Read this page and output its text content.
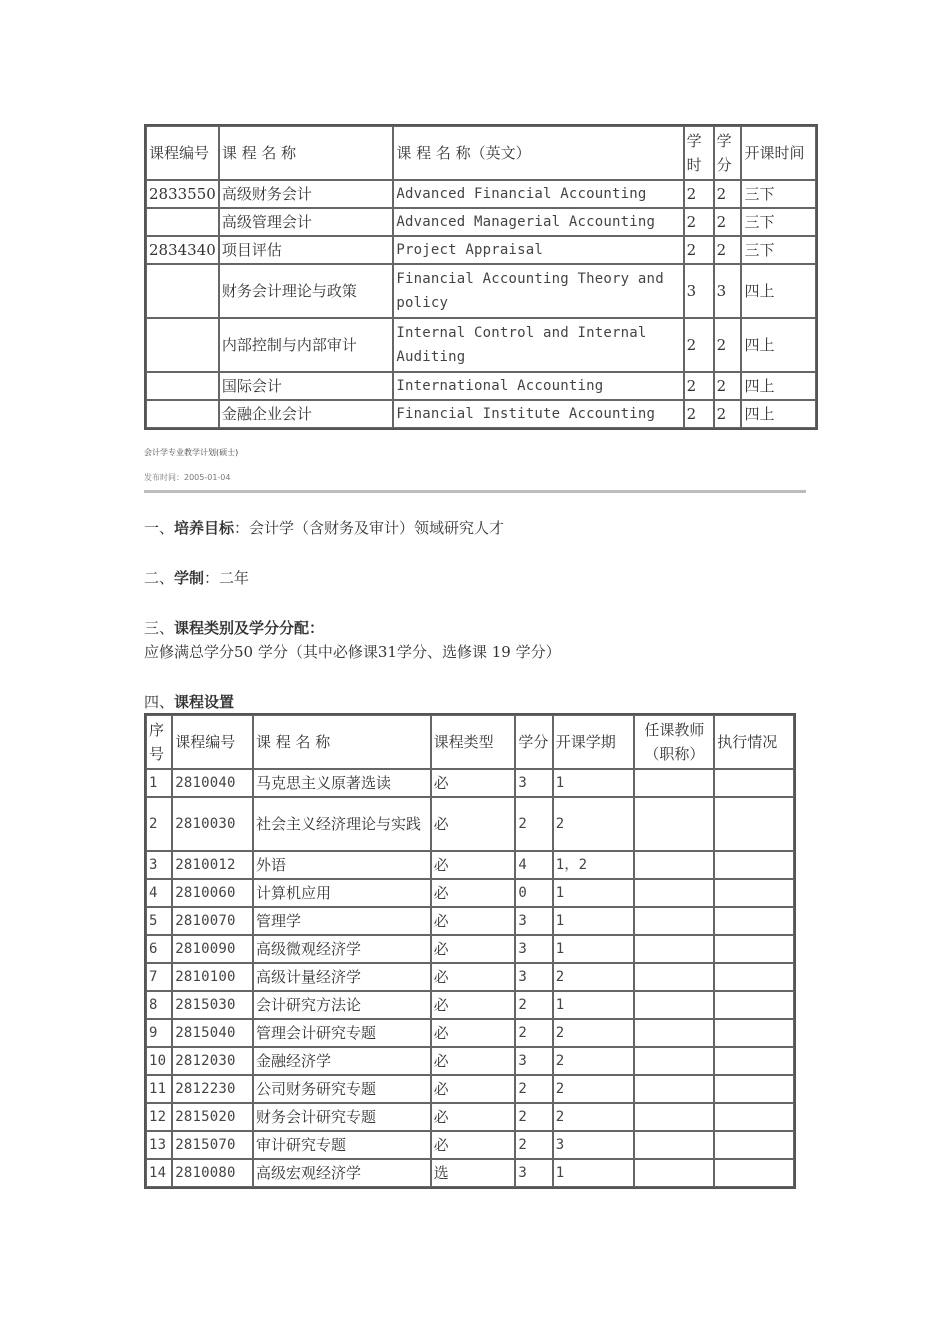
课程编号	课 程 名 称	课 程 名 称（英文）	学时	学分	开课时间
2833550	高级财务会计	Advanced Financial Accounting	2	2	三下
	高级管理会计	Advanced Managerial Accounting	2	2	三下
2834340	项目评估	Project Appraisal	2	2	三下
	财务会计理论与政策	Financial Accounting Theory and policy	3	3	四上
	内部控制与内部审计	Internal Control and Internal Auditing	2	2	四上
	国际会计	International Accounting	2	2	四上
	金融企业会计	Financial Institute Accounting	2	2	四上
会计学专业教学计划(硕士)
发布时间：2005-01-04
一、培养目标：会计学（含财务及审计）领域研究人才
二、学制：二年
三、课程类别及学分分配：
应修满总学分50 学分（其中必修课31学分、选修课 19 学分）
四、课程设置
序号	课程编号	课 程 名 称	课程类型	学分	开课学期	任课教师（职称）	执行情况
1	2810040	马克思主义原著选读	必	3	1		
2	2810030	社会主义经济理论与实践	必	2	2		
3	2810012	外语	必	4	1，2		
4	2810060	计算机应用	必	0	1		
5	2810070	管理学	必	3	1		
6	2810090	高级微观经济学	必	3	1		
7	2810100	高级计量经济学	必	3	2		
8	2815030	会计研究方法论	必	2	1		
9	2815040	管理会计研究专题	必	2	2		
10	2812030	金融经济学	必	3	2		
11	2812230	公司财务研究专题	必	2	2		
12	2815020	财务会计研究专题	必	2	2		
13	2815070	审计研究专题	必	2	3		
14	2810080	高级宏观经济学	选	3	1		
